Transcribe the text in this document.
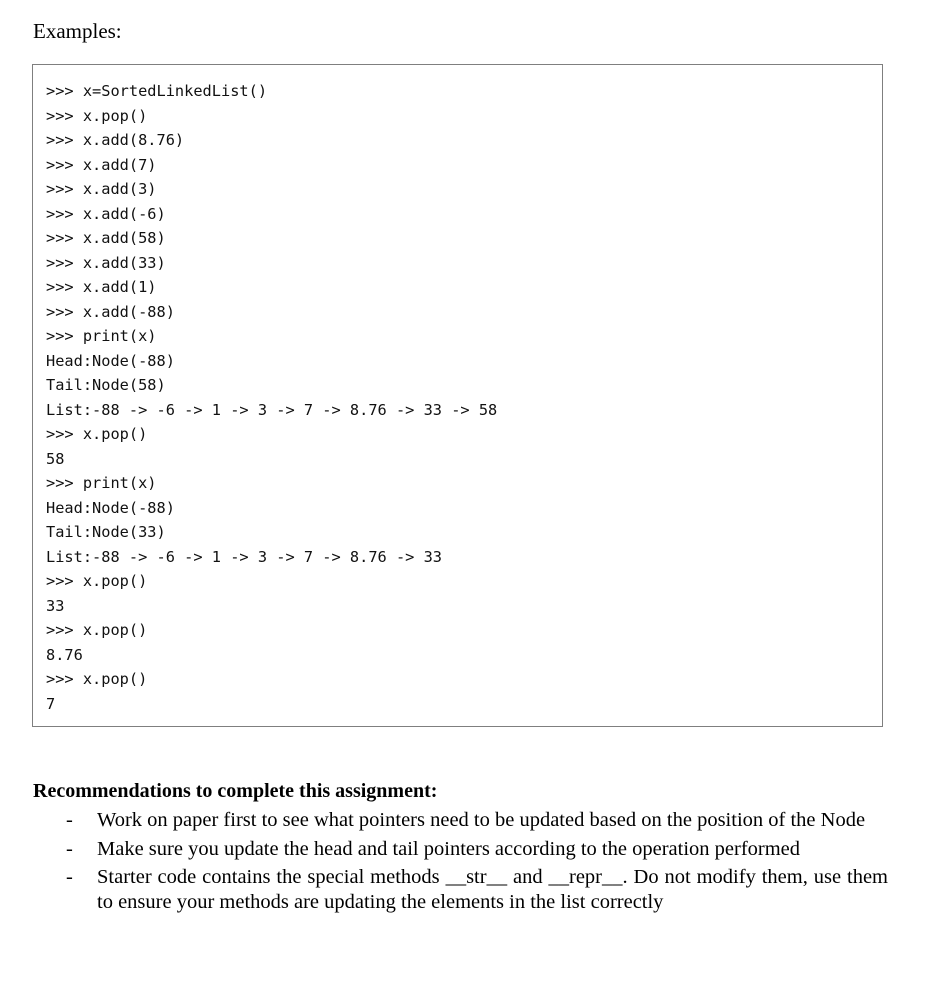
Examples:
>>> x=SortedLinkedList()
>>> x.pop()
>>> x.add(8.76)
>>> x.add(7)
>>> x.add(3)
>>> x.add(-6)
>>> x.add(58)
>>> x.add(33)
>>> x.add(1)
>>> x.add(-88)
>>> print(x)
Head:Node(-88)
Tail:Node(58)
List:-88 -> -6 -> 1 -> 3 -> 7 -> 8.76 -> 33 -> 58
>>> x.pop()
58
>>> print(x)
Head:Node(-88)
Tail:Node(33)
List:-88 -> -6 -> 1 -> 3 -> 7 -> 8.76 -> 33
>>> x.pop()
33
>>> x.pop()
8.76
>>> x.pop()
7
Recommendations to complete this assignment:
-	Work on paper first to see what pointers need to be updated based on the position of the Node
-	Make sure you update the head and tail pointers according to the operation performed
-	Starter code contains the special methods __str__ and __repr__. Do not modify them, use them to ensure your methods are updating the elements in the list correctly
